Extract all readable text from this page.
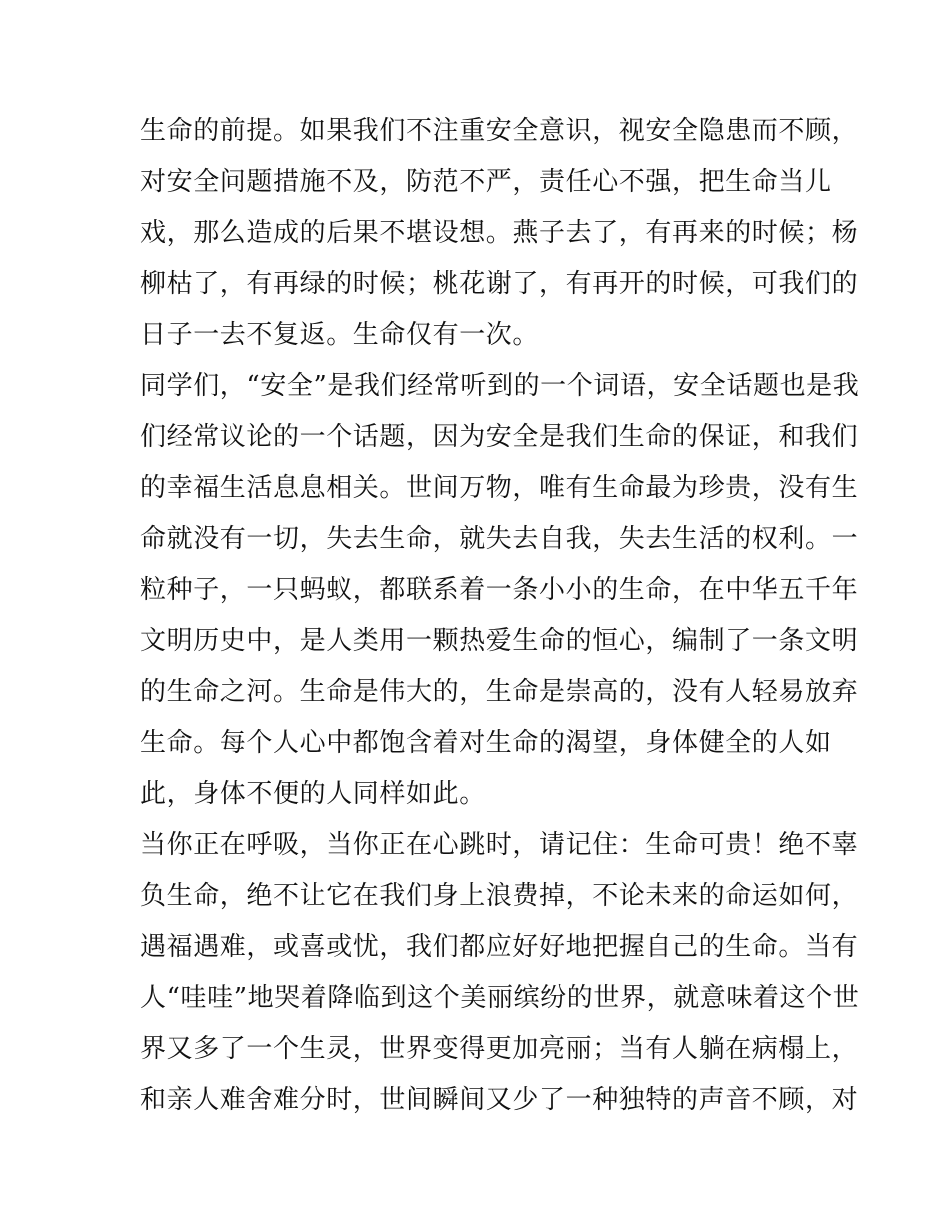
生命的前提。如果我们不注重安全意识，视安全隐患而不顾，
对安全问题措施不及，防范不严，责任心不强，把生命当儿
戏，那么造成的后果不堪设想。燕子去了，有再来的时候；杨
柳枯了，有再绿的时候；桃花谢了，有再开的时候，可我们的
日子一去不复返。生命仅有一次。
同学们，“安全”是我们经常听到的一个词语，安全话题也是我
们经常议论的一个话题，因为安全是我们生命的保证，和我们
的幸福生活息息相关。世间万物，唯有生命最为珍贵，没有生
命就没有一切，失去生命，就失去自我，失去生活的权利。一
粒种子，一只蚂蚁，都联系着一条小小的生命，在中华五千年
文明历史中，是人类用一颗热爱生命的恒心，编制了一条文明
的生命之河。生命是伟大的，生命是崇高的，没有人轻易放弃
生命。每个人心中都饱含着对生命的渴望，身体健全的人如
此，身体不便的人同样如此。
当你正在呼吸，当你正在心跳时，请记住：生命可贵！绝不辜
负生命，绝不让它在我们身上浪费掉，不论未来的命运如何，
遇福遇难，或喜或忧，我们都应好好地把握自己的生命。当有
人“哇哇”地哭着降临到这个美丽缤纷的世界，就意味着这个世
界又多了一个生灵，世界变得更加亮丽；当有人躺在病榻上，
和亲人难舍难分时，世间瞬间又少了一种独特的声音不顾，对
